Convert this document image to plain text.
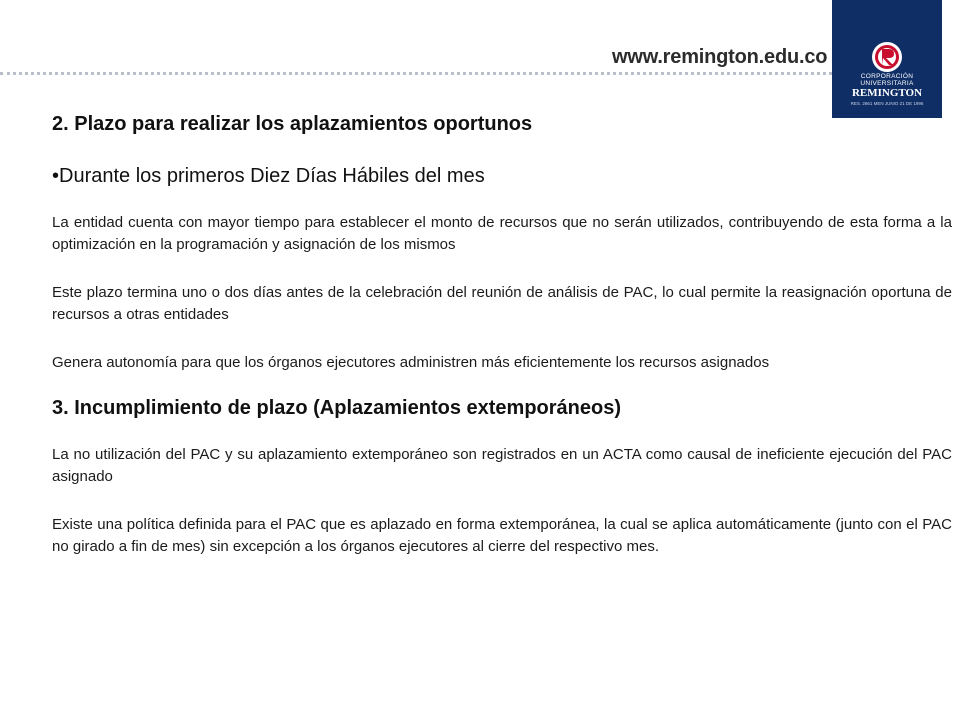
www.remington.edu.co
CORPORACIÓN
UNIVERSITARIA
REMINGTON
RES. 2661 MEN JUNIO 21 DE 1996
2. Plazo para realizar los aplazamientos oportunos

•Durante los primeros Diez Días Hábiles del mes

La entidad cuenta con mayor tiempo para establecer el monto de recursos que no serán utilizados, contribuyendo de esta forma a la optimización en la programación y asignación de los mismos

Este plazo termina uno o dos días antes de la celebración del reunión de análisis de PAC, lo cual permite la reasignación oportuna de recursos a otras entidades

Genera autonomía para que los órganos ejecutores administren más eficientemente los recursos asignados

3. Incumplimiento de plazo (Aplazamientos extemporáneos)

La no utilización del PAC y su aplazamiento extemporáneo son registrados en un ACTA como causal de ineficiente ejecución del PAC asignado

Existe una política definida para el PAC que es aplazado en forma extemporánea, la cual se aplica automáticamente (junto con el PAC no girado a fin de mes) sin excepción a los órganos ejecutores al cierre del respectivo mes.
